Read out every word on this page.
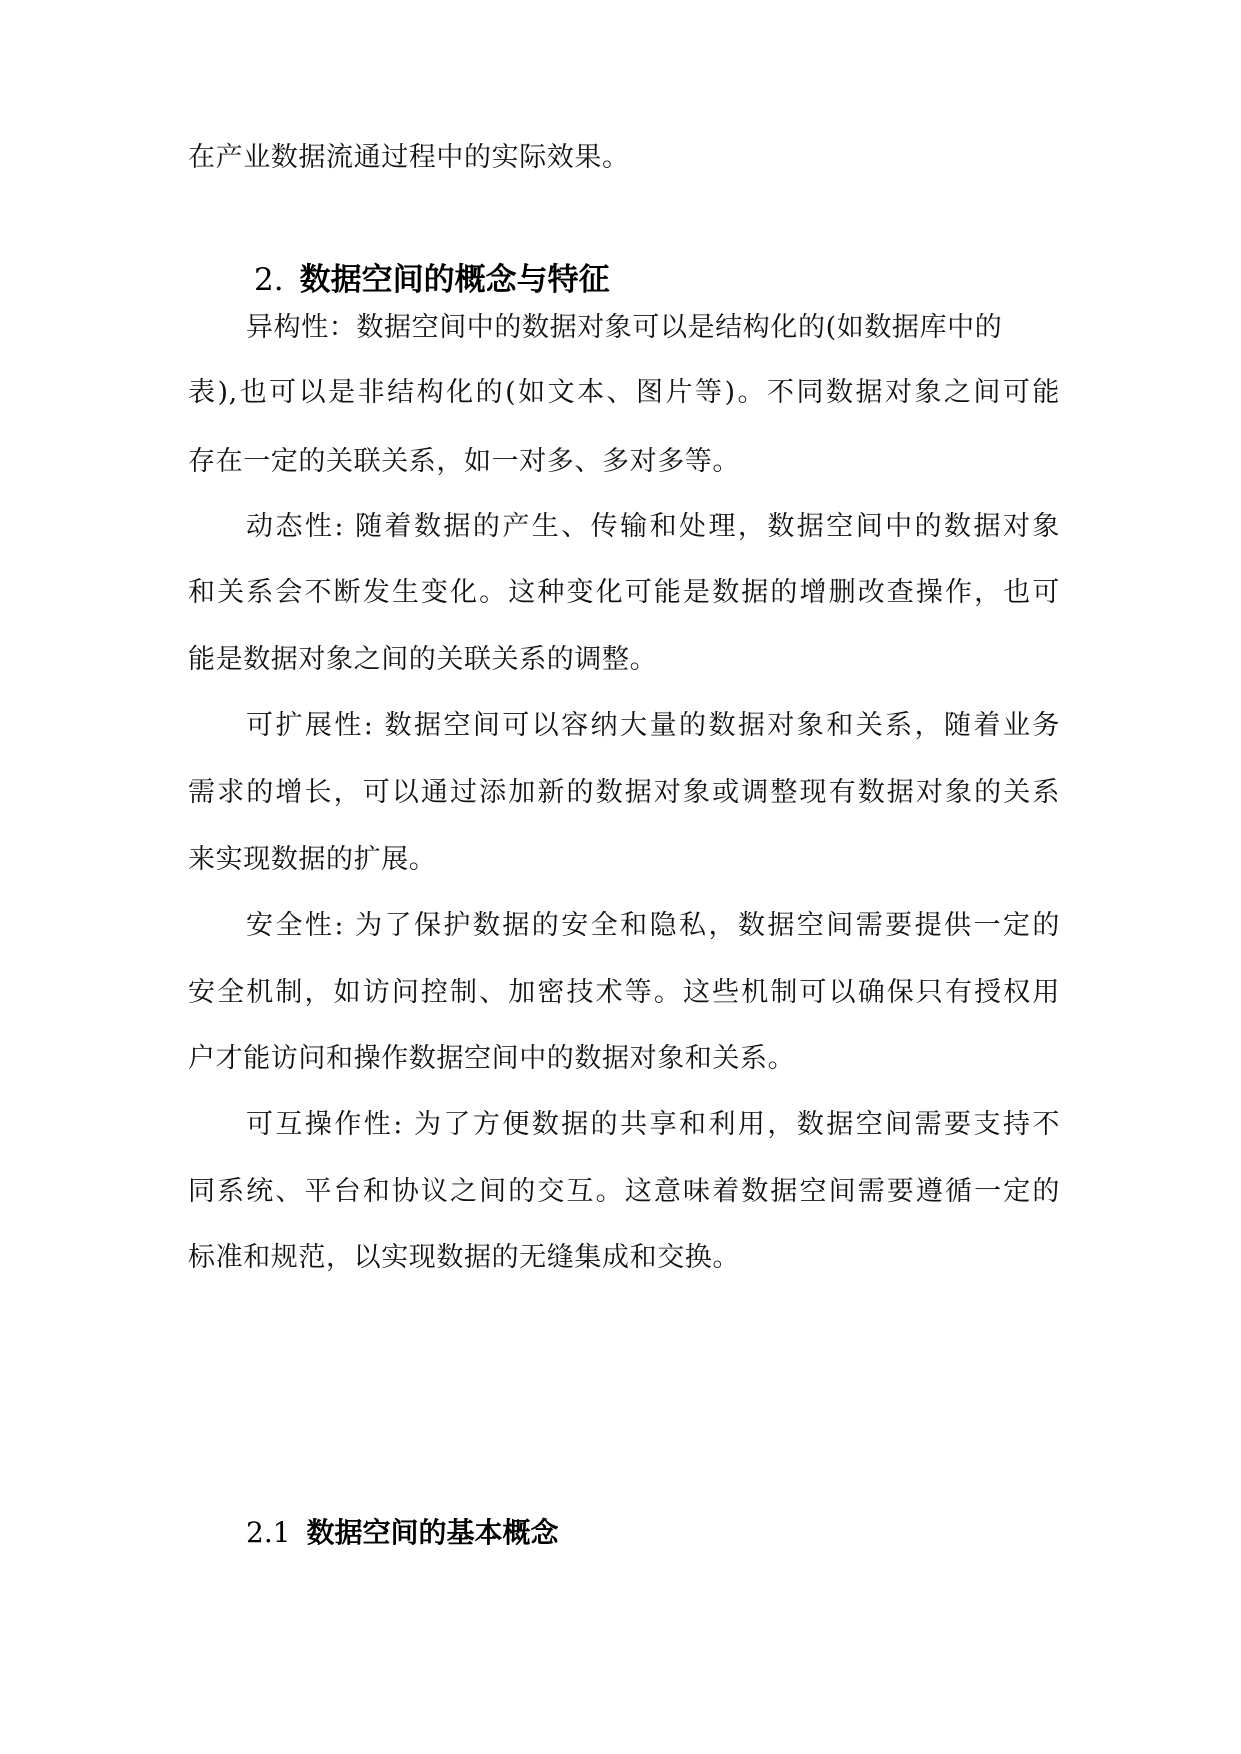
在产业数据流通过程中的实际效果。
2. 数据空间的概念与特征
异构性：数据空间中的数据对象可以是结构化的(如数据库中的
表),也可以是非结构化的(如文本、图片等)。不同数据对象之间可能
存在一定的关联关系，如一对多、多对多等。
动态性: 随着数据的产生、传输和处理，数据空间中的数据对象
和关系会不断发生变化。这种变化可能是数据的增删改查操作，也可
能是数据对象之间的关联关系的调整。
可扩展性: 数据空间可以容纳大量的数据对象和关系，随着业务
需求的增长，可以通过添加新的数据对象或调整现有数据对象的关系
来实现数据的扩展。
安全性: 为了保护数据的安全和隐私，数据空间需要提供一定的
安全机制，如访问控制、加密技术等。这些机制可以确保只有授权用
户才能访问和操作数据空间中的数据对象和关系。
可互操作性: 为了方便数据的共享和利用，数据空间需要支持不
同系统、平台和协议之间的交互。这意味着数据空间需要遵循一定的
标准和规范，以实现数据的无缝集成和交换。
2.1 数据空间的基本概念
